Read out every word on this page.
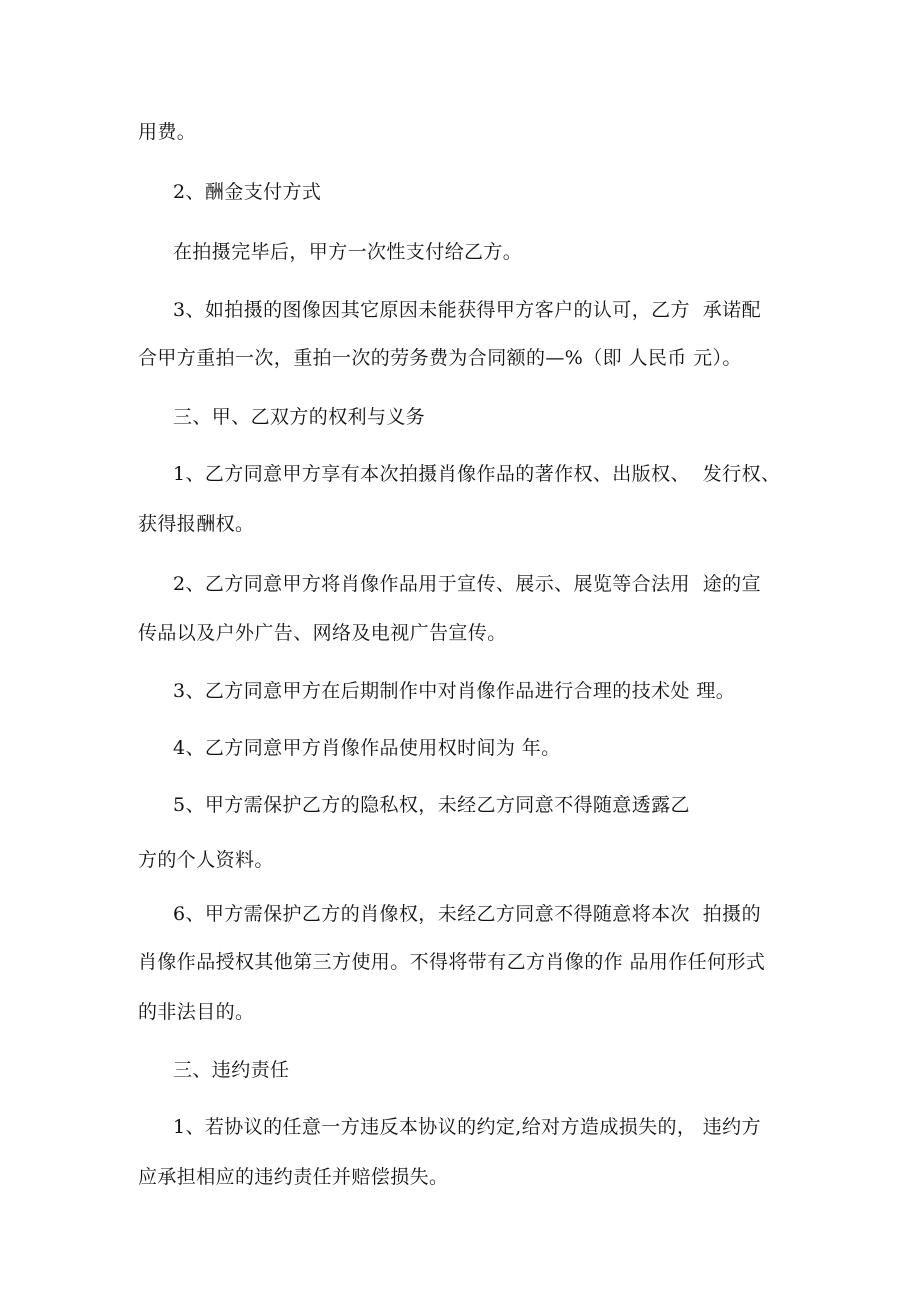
用费。
2、酬金支付方式
在拍摄完毕后，甲方一次性支付给乙方。
3、如拍摄的图像因其它原因未能获得甲方客户的认可，乙方  承诺配
合甲方重拍一次，重拍一次的劳务费为合同额的—%（即 人民币 元）。
三、甲、乙双方的权利与义务
1、乙方同意甲方享有本次拍摄肖像作品的著作权、出版权、  发行权、
获得报酬权。
2、乙方同意甲方将肖像作品用于宣传、展示、展览等合法用  途的宣
传品以及户外广告、网络及电视广告宣传。
3、乙方同意甲方在后期制作中对肖像作品进行合理的技术处 理。
4、乙方同意甲方肖像作品使用权时间为 年。
5、甲方需保护乙方的隐私权，未经乙方同意不得随意透露乙
方的个人资料。
6、甲方需保护乙方的肖像权，未经乙方同意不得随意将本次  拍摄的
肖像作品授权其他第三方使用。不得将带有乙方肖像的作 品用作任何形式
的非法目的。
三、违约责任
1、若协议的任意一方违反本协议的约定,给对方造成损失的， 违约方
应承担相应的违约责任并赔偿损失。
